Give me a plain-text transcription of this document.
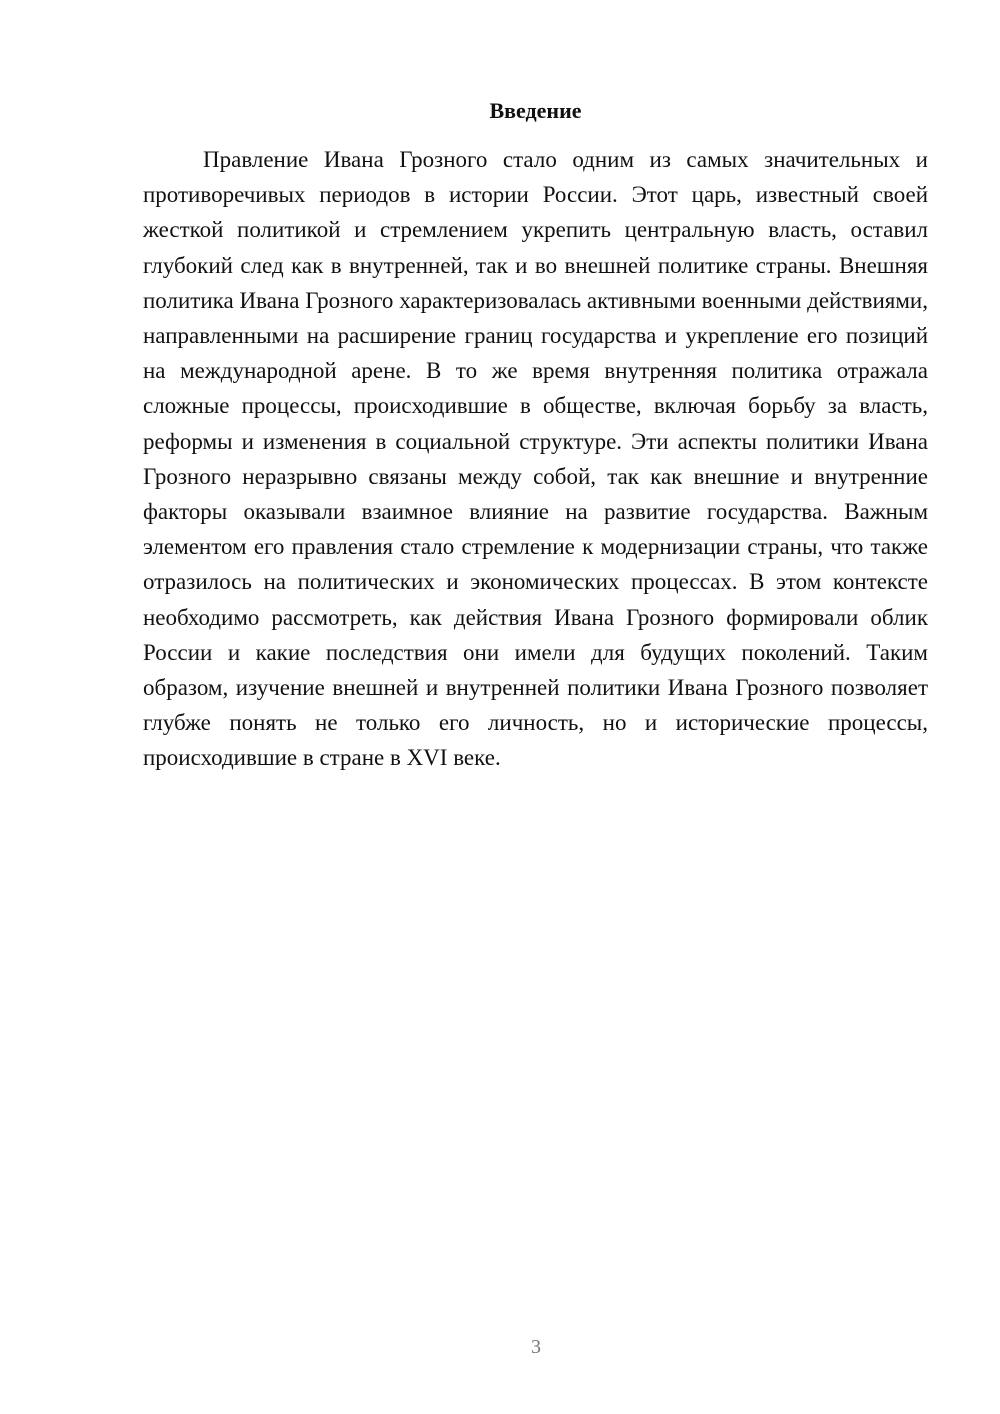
Введение

Правление Ивана Грозного стало одним из самых значительных и противоречивых периодов в истории России. Этот царь, известный своей жесткой политикой и стремлением укрепить центральную власть, оставил глубокий след как в внутренней, так и во внешней политике страны. Внешняя политика Ивана Грозного характеризовалась активными военными действиями, направленными на расширение границ государства и укрепление его позиций на международной арене. В то же время внутренняя политика отражала сложные процессы, происходившие в обществе, включая борьбу за власть, реформы и изменения в социальной структуре. Эти аспекты политики Ивана Грозного неразрывно связаны между собой, так как внешние и внутренние факторы оказывали взаимное влияние на развитие государства. Важным элементом его правления стало стремление к модернизации страны, что также отразилось на политических и экономических процессах. В этом контексте необходимо рассмотреть, как действия Ивана Грозного формировали облик России и какие последствия они имели для будущих поколений. Таким образом, изучение внешней и внутренней политики Ивана Грозного позволяет глубже понять не только его личность, но и исторические процессы, происходившие в стране в XVI веке.

3
